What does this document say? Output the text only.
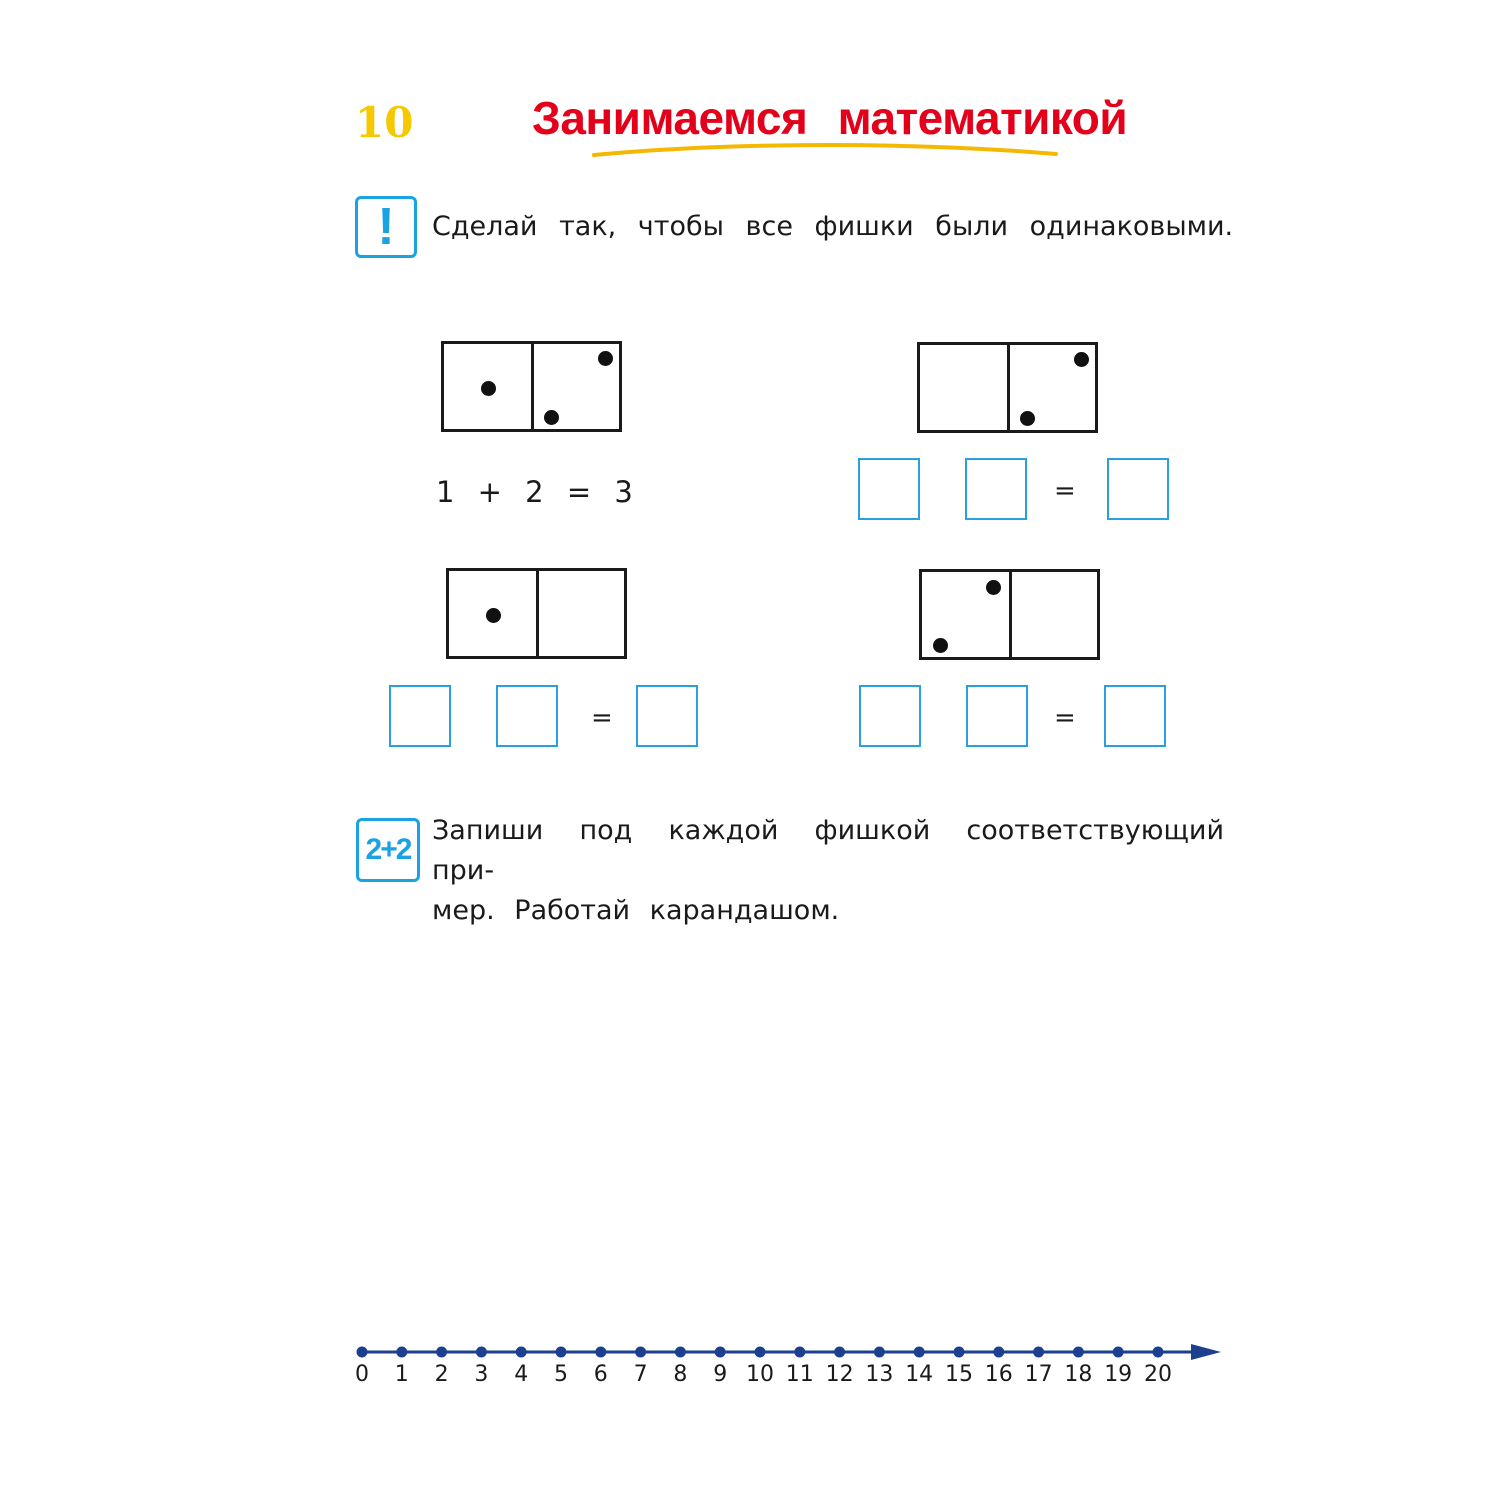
10	Занимаемся математикой
!	Сделай так, чтобы все фишки были одинаковыми.
1 + 2 = 3	=
=	=
2+2
Запиши под каждой фишкой соответствующий при-
мер. Работай карандашом.
0 1 2 3 4 5 6 7 8 9 10 11 12 13 14 15 16 17 18 19 20
